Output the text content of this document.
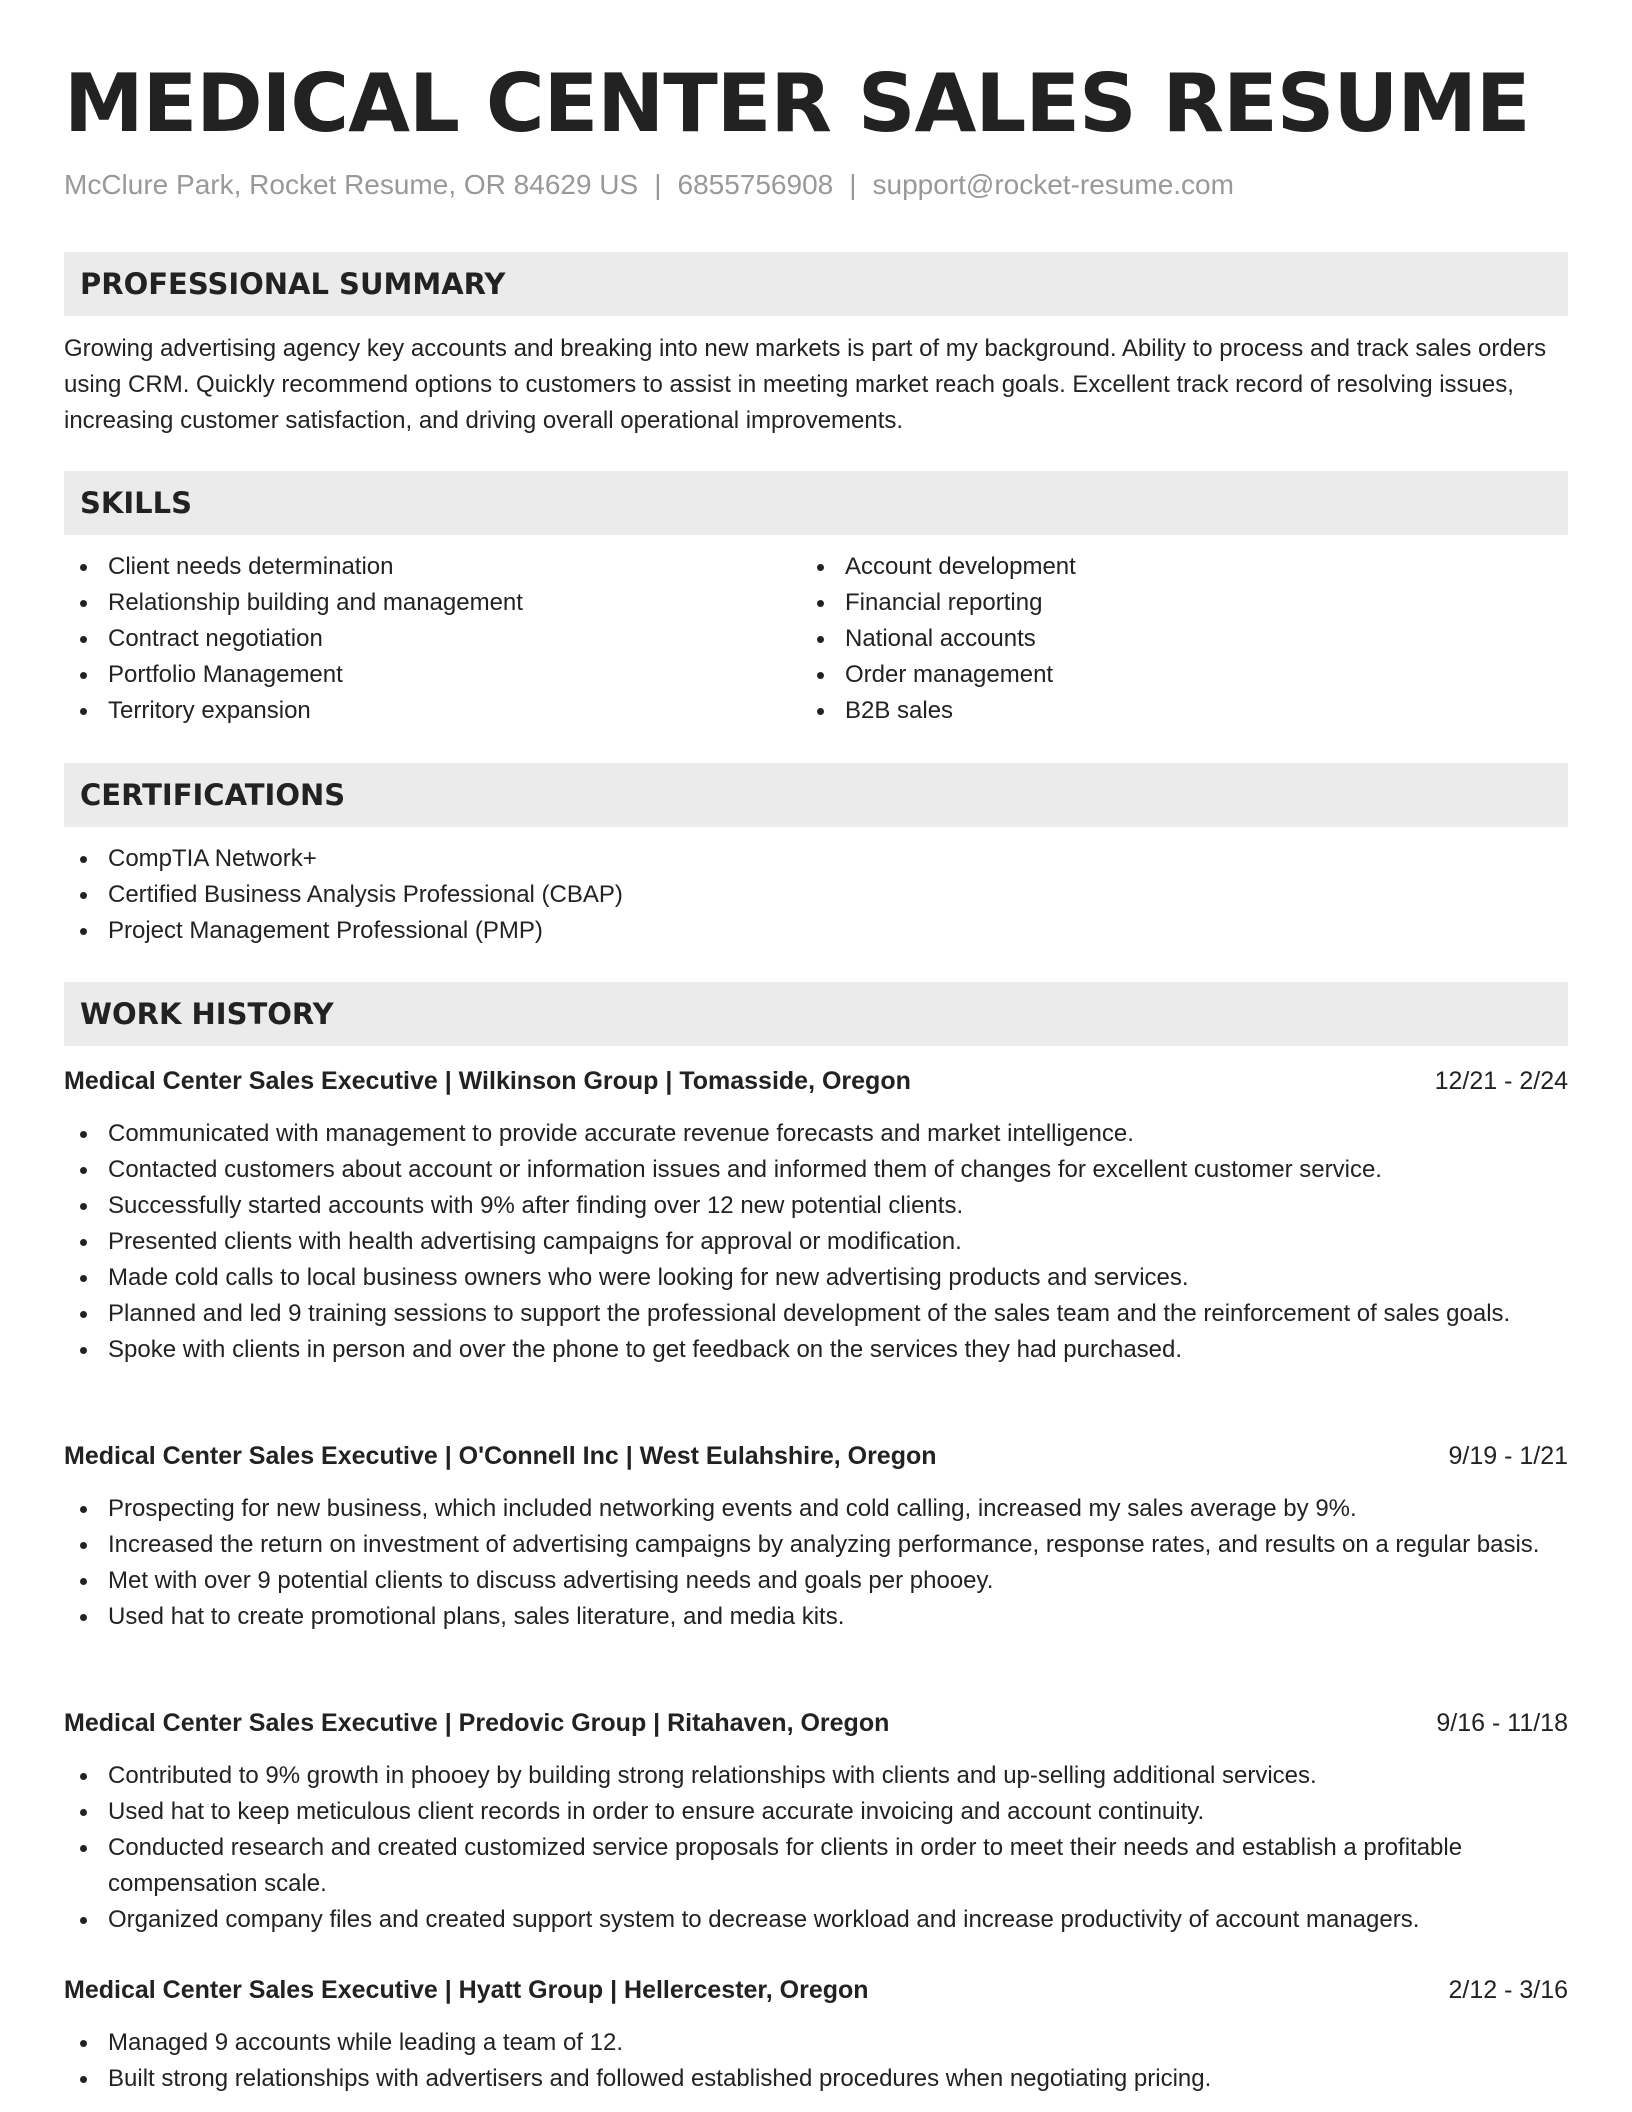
MEDICAL CENTER SALES RESUME
McClure Park, Rocket Resume, OR 84629 US | 6855756908 | support@rocket-resume.com
PROFESSIONAL SUMMARY

Growing advertising agency key accounts and breaking into new markets is part of my background. Ability to process and track sales orders using CRM. Quickly recommend options to customers to assist in meeting market reach goals. Excellent track record of resolving issues, increasing customer satisfaction, and driving overall operational improvements.

SKILLS
Client needs determination
Relationship building and management
Contract negotiation
Portfolio Management
Territory expansion
Account development
Financial reporting
National accounts
Order management
B2B sales
CERTIFICATIONS
CompTIA Network+
Certified Business Analysis Professional (CBAP)
Project Management Professional (PMP)
WORK HISTORY
Medical Center Sales Executive | Wilkinson Group | Tomasside, Oregon	12/21 - 2/24
Communicated with management to provide accurate revenue forecasts and market intelligence.
Contacted customers about account or information issues and informed them of changes for excellent customer service.
Successfully started accounts with 9% after finding over 12 new potential clients.
Presented clients with health advertising campaigns for approval or modification.
Made cold calls to local business owners who were looking for new advertising products and services.
Planned and led 9 training sessions to support the professional development of the sales team and the reinforcement of sales goals.
Spoke with clients in person and over the phone to get feedback on the services they had purchased.
Medical Center Sales Executive | O'Connell Inc | West Eulahshire, Oregon	9/19 - 1/21
Prospecting for new business, which included networking events and cold calling, increased my sales average by 9%.
Increased the return on investment of advertising campaigns by analyzing performance, response rates, and results on a regular basis.
Met with over 9 potential clients to discuss advertising needs and goals per phooey.
Used hat to create promotional plans, sales literature, and media kits.
Medical Center Sales Executive | Predovic Group | Ritahaven, Oregon	9/16 - 11/18
Contributed to 9% growth in phooey by building strong relationships with clients and up-selling additional services.
Used hat to keep meticulous client records in order to ensure accurate invoicing and account continuity.
Conducted research and created customized service proposals for clients in order to meet their needs and establish a profitable compensation scale.
Organized company files and created support system to decrease workload and increase productivity of account managers.
Medical Center Sales Executive | Hyatt Group | Hellercester, Oregon	2/12 - 3/16
Managed 9 accounts while leading a team of 12.
Built strong relationships with advertisers and followed established procedures when negotiating pricing.
